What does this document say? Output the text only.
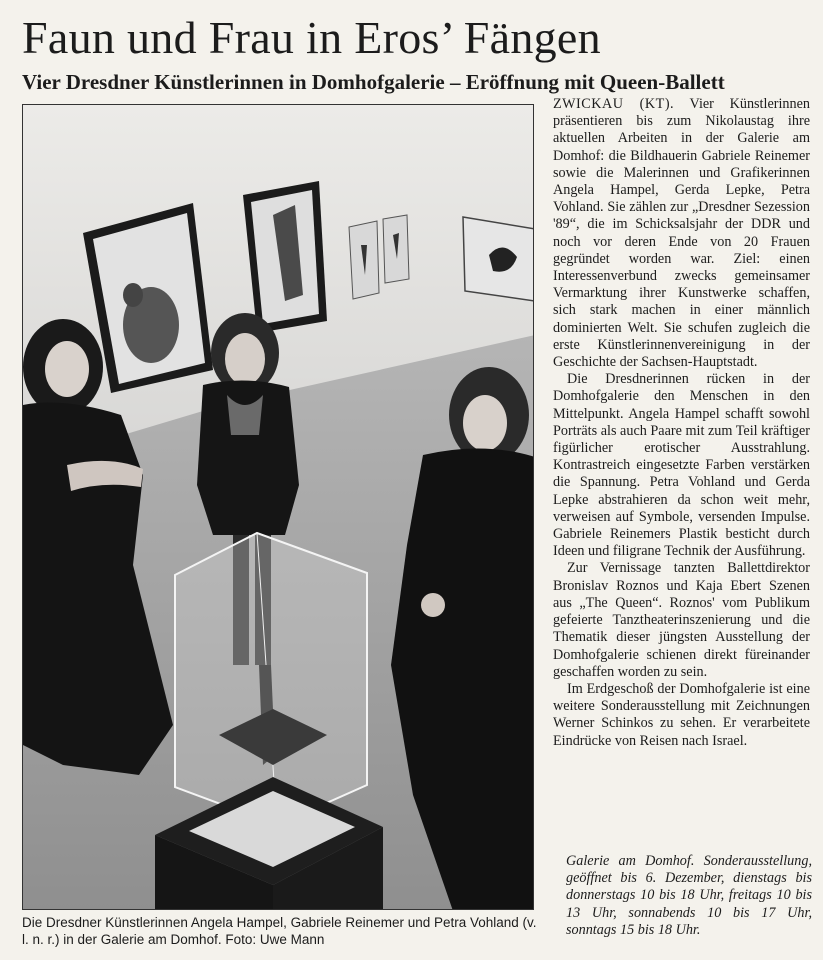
Faun und Frau in Eros’ Fängen
Vier Dresdner Künstlerinnen in Domhofgalerie – Eröffnung mit Queen-Ballett
Die Dresdner Künstlerinnen Angela Hampel, Gabriele Reinemer und Petra Vohland (v. l. n. r.) in der Galerie am Domhof. Foto: Uwe Mann

ZWICKAU (KT). Vier Künstlerinnen präsentieren bis zum Nikolaustag ihre aktuellen Arbeiten in der Galerie am Domhof: die Bildhauerin Gabriele Reinemer sowie die Malerinnen und Grafikerinnen Angela Hampel, Gerda Lepke, Petra Vohland. Sie zählen zur „Dresdner Sezession '89“, die im Schicksalsjahr der DDR und noch vor deren Ende von 20 Frauen gegründet worden war. Ziel: einen Interessenverbund zwecks gemeinsamer Vermarktung ihrer Kunstwerke schaffen, sich stark machen in einer männlich dominierten Welt. Sie schufen zugleich die erste Künstlerinnenvereinigung in der Geschichte der Sachsen-Hauptstadt.

Die Dresdnerinnen rücken in der Domhofgalerie den Menschen in den Mittelpunkt. Angela Hampel schafft sowohl Porträts als auch Paare mit zum Teil kräftiger figürlicher erotischer Ausstrahlung. Kontrastreich eingesetzte Farben verstärken die Spannung. Petra Vohland und Gerda Lepke abstrahieren da schon weit mehr, verweisen auf Symbole, versenden Impulse. Gabriele Reinemers Plastik besticht durch Ideen und filigrane Technik der Ausführung.

Zur Vernissage tanzten Ballettdirektor Bronislav Roznos und Kaja Ebert Szenen aus „The Queen“. Roznos' vom Publikum gefeierte Tanztheaterinszenierung und die Thematik dieser jüngsten Ausstellung der Domhofgalerie schienen direkt füreinander geschaffen worden zu sein.

Im Erdgeschoß der Domhofgalerie ist eine weitere Sonderausstellung mit Zeichnungen Werner Schinkos zu sehen. Er verarbeitete Eindrücke von Reisen nach Israel.

Galerie am Domhof. Sonderausstellung, geöffnet bis 6. Dezember, dienstags bis donnerstags 10 bis 18 Uhr, freitags 10 bis 13 Uhr, sonnabends 10 bis 17 Uhr, sonntags 15 bis 18 Uhr.
